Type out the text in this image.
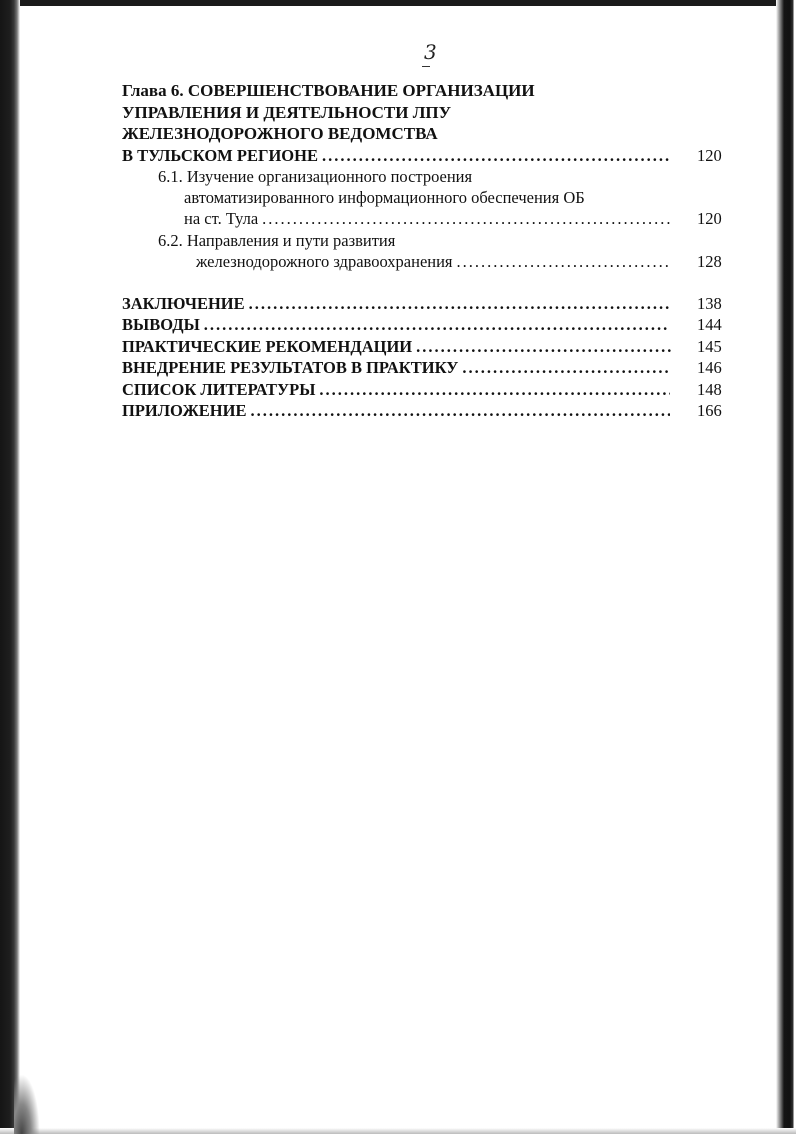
3
Глава 6. СОВЕРШЕНСТВОВАНИЕ ОРГАНИЗАЦИИ
УПРАВЛЕНИЯ И ДЕЯТЕЛЬНОСТИ ЛПУ
ЖЕЛЕЗНОДОРОЖНОГО ВЕДОМСТВА
В ТУЛЬСКОМ РЕГИОНЕ .....	120
6.1. Изучение организационного построения
автоматизированного информационного обеспечения ОБ
на ст. Тула .....	120
6.2. Направления и пути развития
железнодорожного здравоохранения .....	128
ЗАКЛЮЧЕНИЕ .....	138
ВЫВОДЫ .....	144
ПРАКТИЧЕСКИЕ РЕКОМЕНДАЦИИ .....	145
ВНЕДРЕНИЕ РЕЗУЛЬТАТОВ В ПРАКТИКУ .....	146
СПИСОК ЛИТЕРАТУРЫ .....	148
ПРИЛОЖЕНИЕ .....	166
